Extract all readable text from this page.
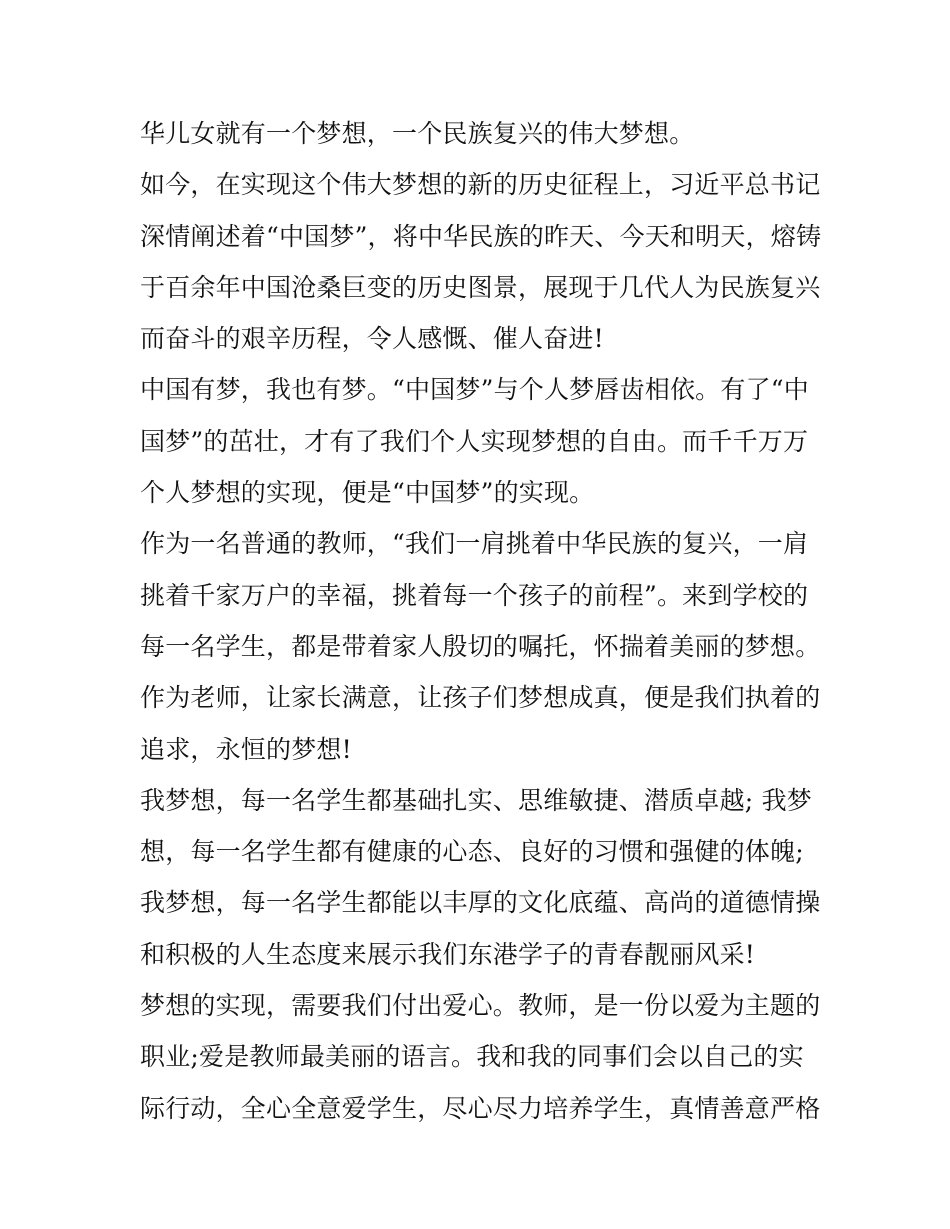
华儿女就有一个梦想，一个民族复兴的伟大梦想。
如今，在实现这个伟大梦想的新的历史征程上，习近平总书记
深情阐述着“中国梦”，将中华民族的昨天、今天和明天，熔铸
于百余年中国沧桑巨变的历史图景，展现于几代人为民族复兴
而奋斗的艰辛历程，令人感慨、催人奋进!
中国有梦，我也有梦。“中国梦”与个人梦唇齿相依。有了“中
国梦”的茁壮，才有了我们个人实现梦想的自由。而千千万万
个人梦想的实现，便是“中国梦”的实现。
作为一名普通的教师，“我们一肩挑着中华民族的复兴，一肩
挑着千家万户的幸福，挑着每一个孩子的前程”。来到学校的
每一名学生，都是带着家人殷切的嘱托，怀揣着美丽的梦想。
作为老师，让家长满意，让孩子们梦想成真，便是我们执着的
追求，永恒的梦想!
我梦想，每一名学生都基础扎实、思维敏捷、潜质卓越; 我梦
想，每一名学生都有健康的心态、良好的习惯和强健的体魄;
我梦想，每一名学生都能以丰厚的文化底蕴、高尚的道德情操
和积极的人生态度来展示我们东港学子的青春靓丽风采!
梦想的实现，需要我们付出爱心。教师，是一份以爱为主题的
职业;爱是教师最美丽的语言。我和我的同事们会以自己的实
际行动，全心全意爱学生，尽心尽力培养学生，真情善意严格
